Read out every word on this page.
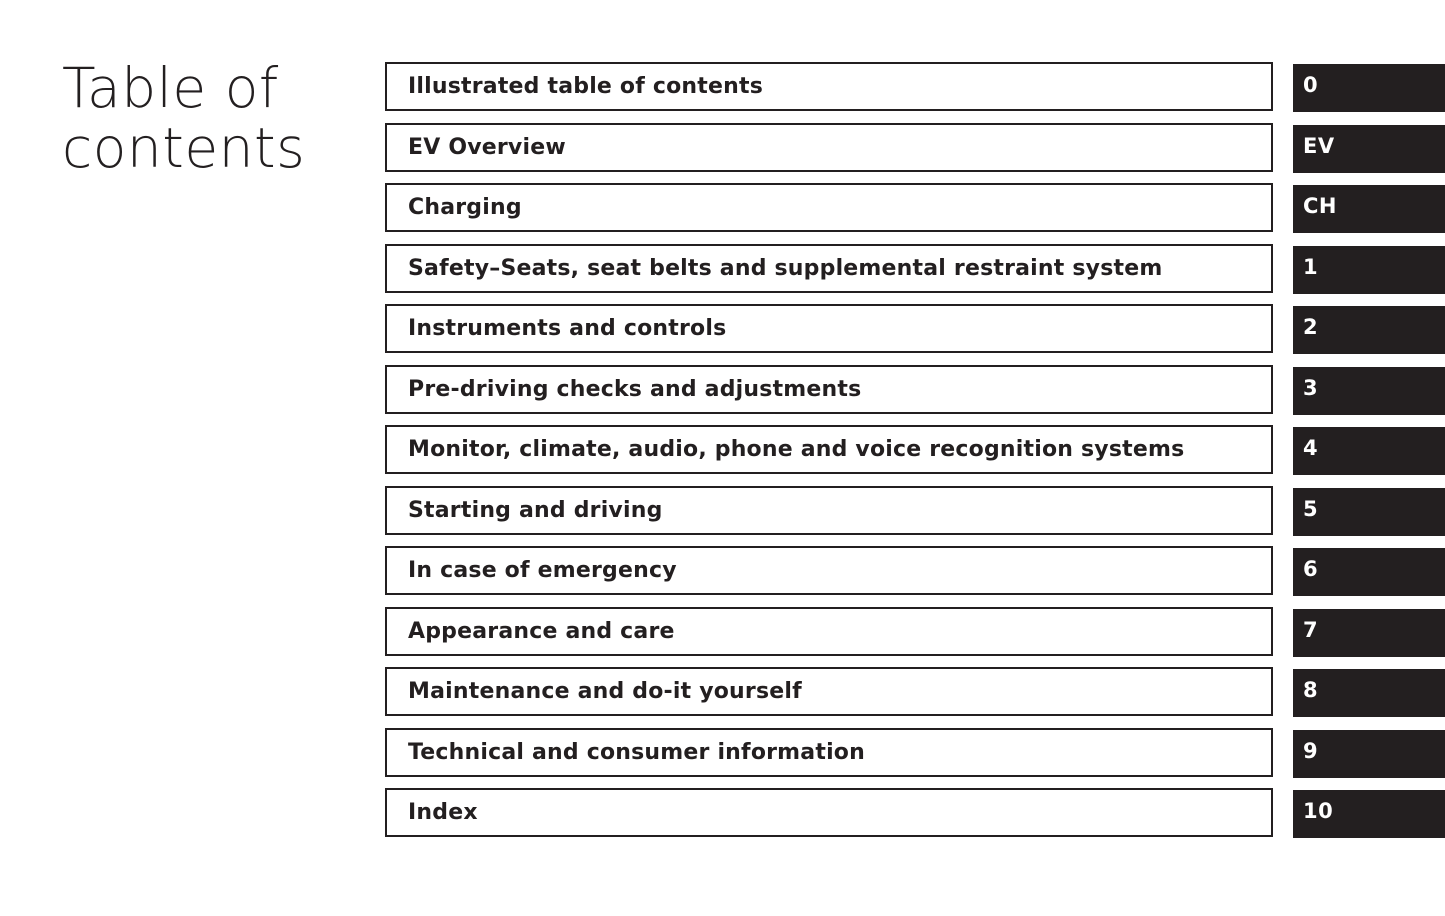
Table of
contents
Illustrated table of contents	0
EV Overview	EV
Charging	CH
Safety–Seats, seat belts and supplemental restraint system	1
Instruments and controls	2
Pre-driving checks and adjustments	3
Monitor, climate, audio, phone and voice recognition systems	4
Starting and driving	5
In case of emergency	6
Appearance and care	7
Maintenance and do-it yourself	8
Technical and consumer information	9
Index	10
